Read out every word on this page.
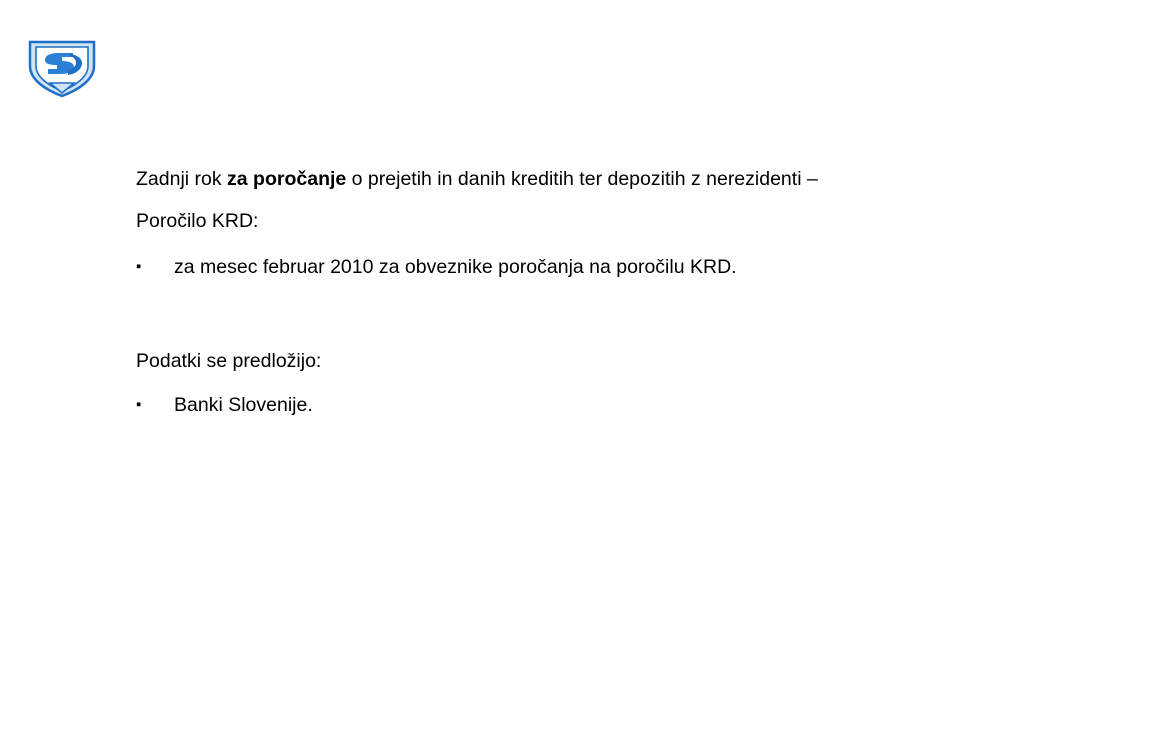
Zadnji rok za poročanje o prejetih in danih kreditih ter depozitih z nerezidenti –

Poročilo KRD:

▪	za mesec februar 2010 za obveznike poročanja na poročilu KRD.

Podatki se predložijo:

▪	Banki Slovenije.
